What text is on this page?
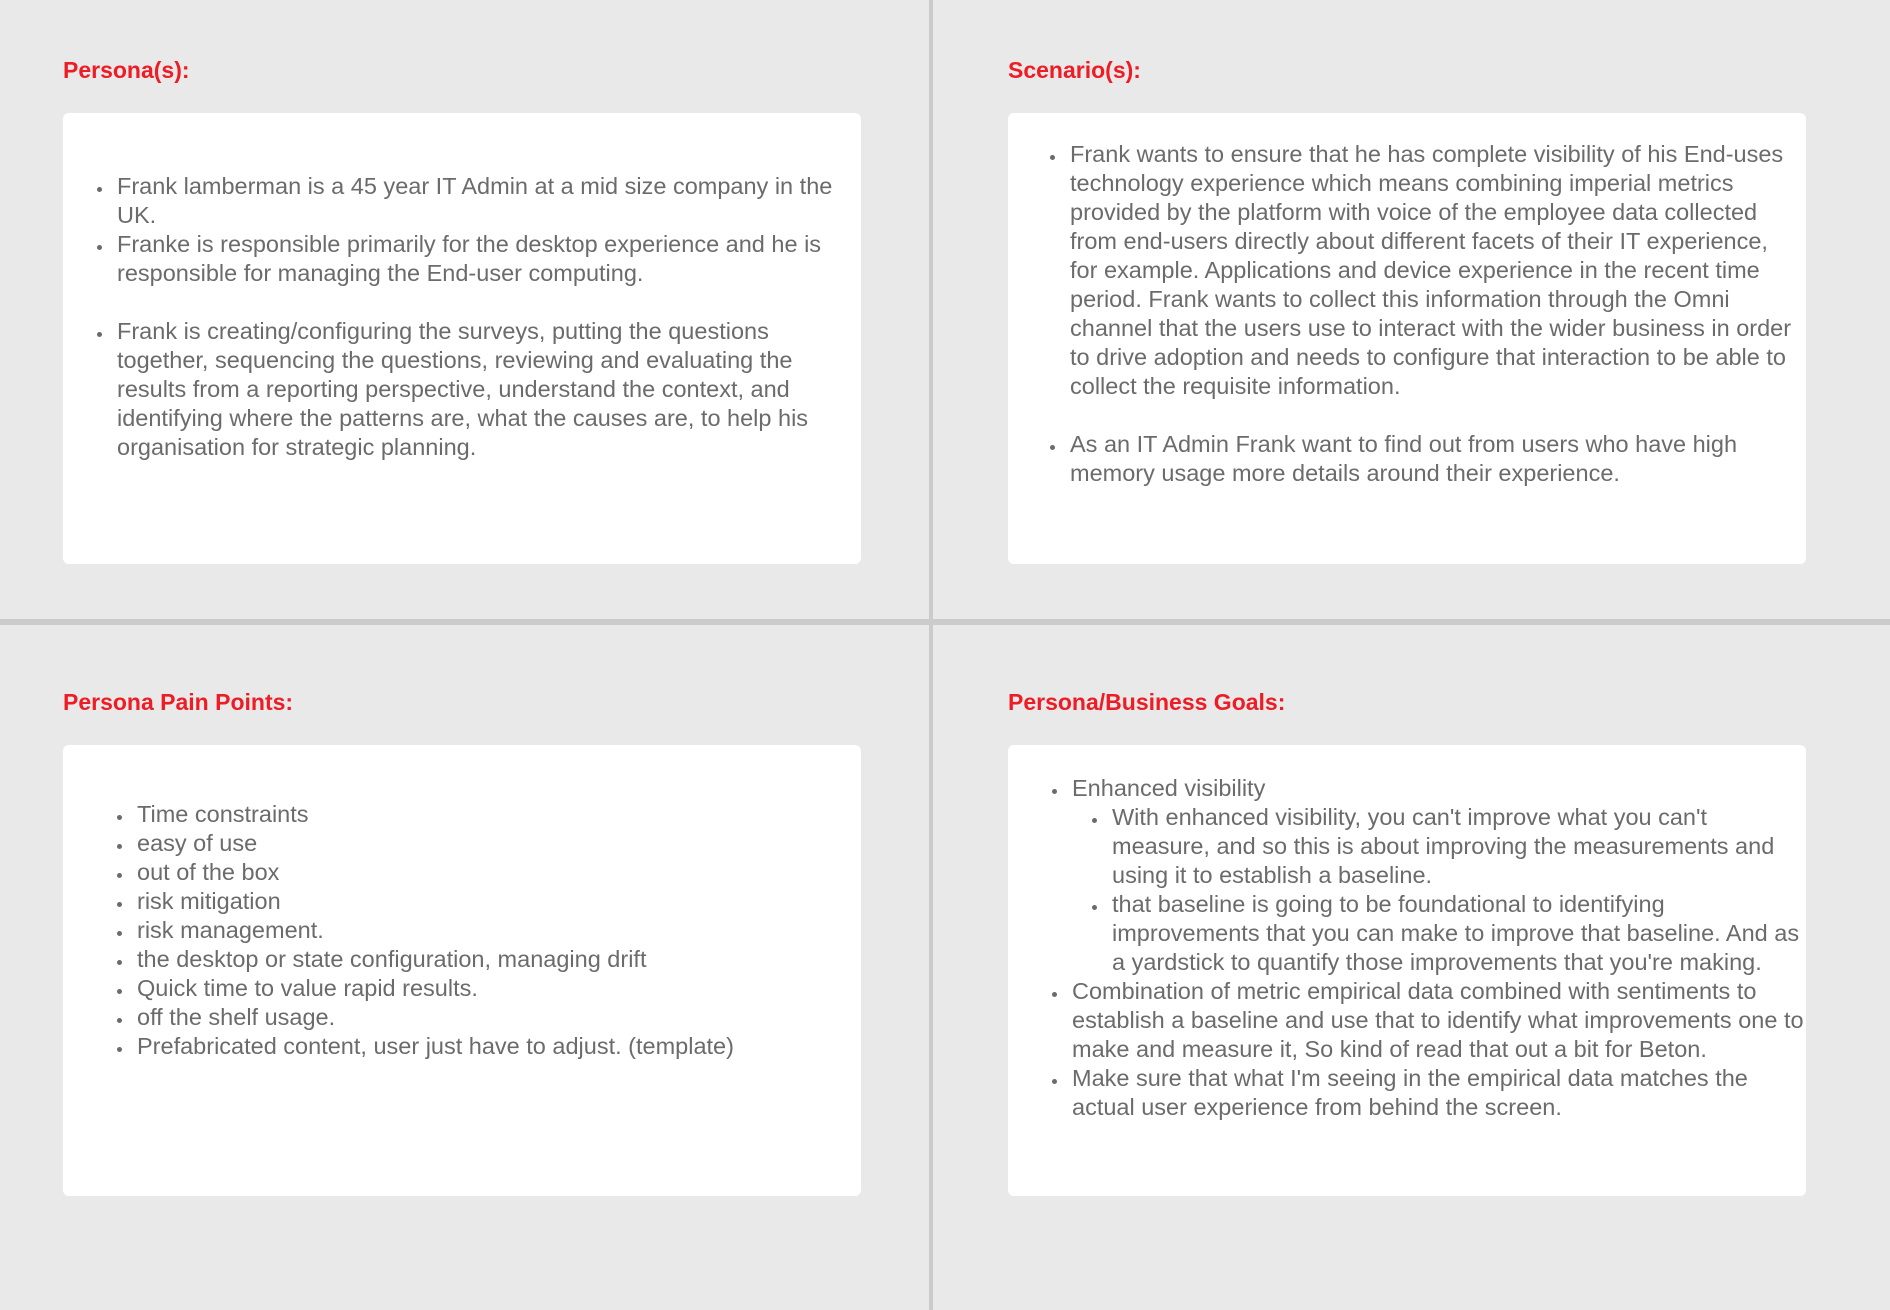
Persona(s):
• Frank lamberman is a 45 year IT Admin at a mid size company in the UK.
• Franke is responsible primarily for the desktop experience and he is responsible for managing the End-user computing.
• Frank is creating/configuring the surveys, putting the questions together, sequencing the questions, reviewing and evaluating the results from a reporting perspective, understand the context, and identifying where the patterns are, what the causes are, to help his organisation for strategic planning.
Scenario(s):
• Frank wants to ensure that he has complete visibility of his End-uses technology experience which means combining imperial metrics provided by the platform with voice of the employee data collected from end-users directly about different facets of their IT experience, for example. Applications and device experience in the recent time period. Frank wants to collect this information through the Omni channel that the users use to interact with the wider business in order to drive adoption and needs to configure that interaction to be able to collect the requisite information.
• As an IT Admin Frank want to find out from users who have high memory usage more details around their experience.
Persona Pain Points:
• Time constraints
• easy of use
• out of the box
• risk mitigation
• risk management.
• the desktop or state configuration, managing drift
• Quick time to value rapid results.
• off the shelf usage.
• Prefabricated content, user just have to adjust. (template)
Persona/Business Goals:
• Enhanced visibility
• With enhanced visibility, you can't improve what you can't measure, and so this is about improving the measurements and using it to establish a baseline.
• that baseline is going to be foundational to identifying improvements that you can make to improve that baseline. And as a yardstick to quantify those improvements that you're making.
• Combination of metric empirical data combined with sentiments to establish a baseline and use that to identify what improvements one to make and measure it, So kind of read that out a bit for Beton.
• Make sure that what I'm seeing in the empirical data matches the actual user experience from behind the screen.
